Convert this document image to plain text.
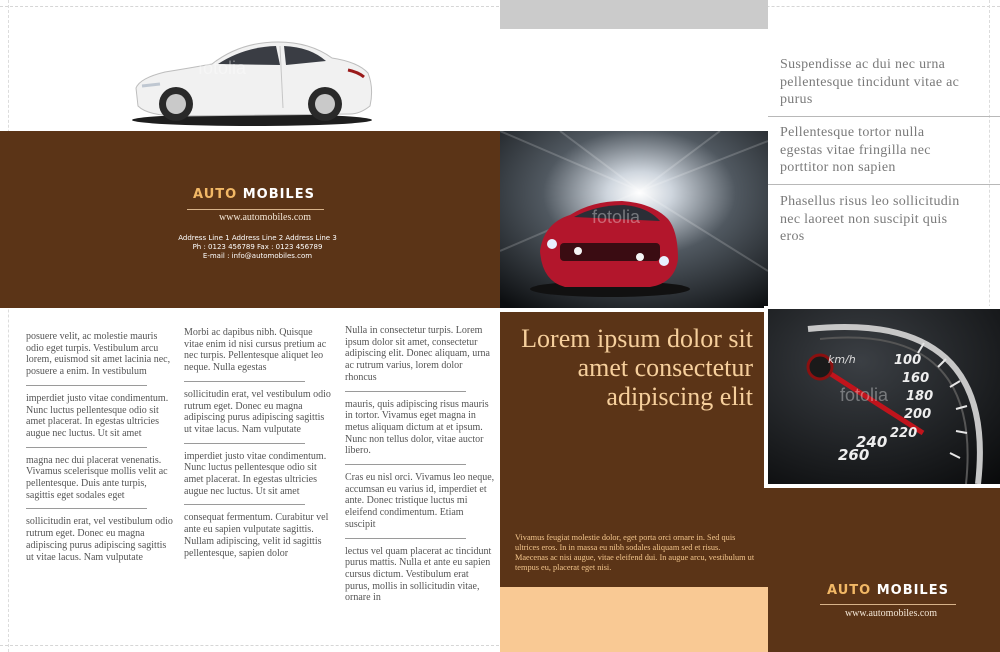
fotolia
AUTO MOBILES
www.automobiles.com
Address Line 1 Address Line 2 Address Line 3
Ph : 0123 456789 Fax : 0123 456789
E-mail : info@automobiles.com
fotolia
Suspendisse ac dui nec urna pellentesque tincidunt vitae ac purus
Pellentesque tortor nulla egestas vitae fringilla nec porttitor non sapien
Phasellus risus leo sollicitudin nec laoreet non suscipit quis eros

posuere velit, ac molestie mauris odio eget turpis. Vestibulum arcu lorem, euismod sit amet lacinia nec, posuere a enim. In vestibulum

imperdiet justo vitae condimentum. Nunc luctus pellentesque odio sit amet placerat. In egestas ultricies augue nec luctus. Ut sit amet

magna nec dui placerat venenatis. Vivamus scelerisque mollis velit ac pellentesque. Duis ante turpis, sagittis eget sodales eget

sollicitudin erat, vel vestibulum odio rutrum eget. Donec eu magna adipiscing purus adipiscing sagittis ut vitae lacus. Nam vulputate

Morbi ac dapibus nibh. Quisque vitae enim id nisi cursus pretium ac nec turpis. Pellentesque aliquet leo neque. Nulla egestas

sollicitudin erat, vel vestibulum odio rutrum eget. Donec eu magna adipiscing purus adipiscing sagittis ut vitae lacus. Nam vulputate

imperdiet justo vitae condimentum. Nunc luctus pellentesque odio sit amet placerat. In egestas ultricies augue nec luctus. Ut sit amet

consequat fermentum. Curabitur vel ante eu sapien vulputate sagittis. Nullam adipiscing, velit id sagittis pellentesque, sapien dolor

Nulla in consectetur turpis. Lorem ipsum dolor sit amet, consectetur adipiscing elit. Donec aliquam, urna ac rutrum varius, lorem dolor rhoncus

mauris, quis adipiscing risus mauris in tortor. Vivamus eget magna in metus aliquam dictum at et ipsum. Nunc non tellus dolor, vitae auctor libero.

Cras eu nisl orci. Vivamus leo neque, accumsan eu varius id, imperdiet et ante. Donec tristique luctus mi eleifend condimentum. Etiam suscipit

lectus vel quam placerat ac tincidunt purus mattis. Nulla et ante eu sapien cursus dictum. Vestibulum erat purus, mollis in sollicitudin vitae, ornare in

Lorem ipsum dolor sit amet consectetur adipiscing elit
Vivamus feugiat molestie dolor, eget porta orci ornare in. Sed quis ultrices eros. In in massa eu nibh sodales aliquam sed et risus. Maecenas ac nisi augue, vitae eleifend dui. In augue arcu, vestibulum ut tempus eu, placerat eget nisi.
km/h	100
160
180
200
220
240
260
fotolia
AUTO MOBILES
www.automobiles.com
